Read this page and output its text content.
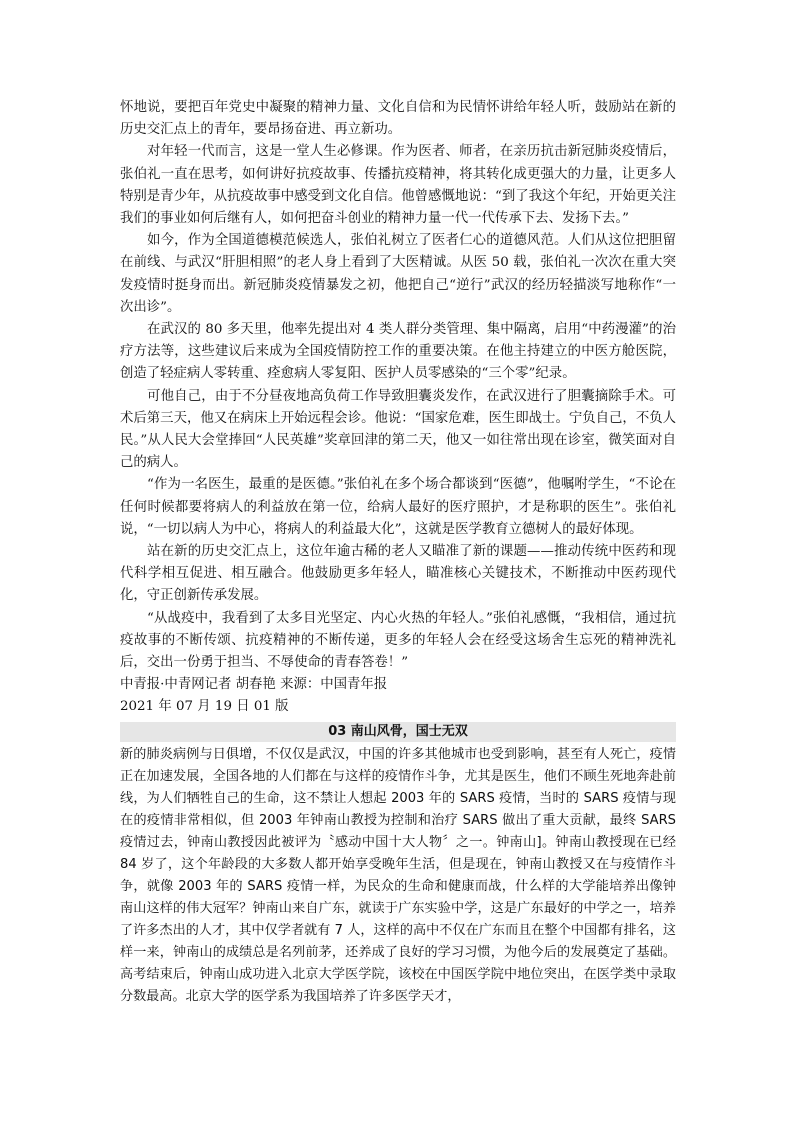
怀地说，要把百年党史中凝聚的精神力量、文化自信和为民情怀讲给年轻人听，鼓励站在新的历史交汇点上的青年，要昂扬奋进、再立新功。

对年轻一代而言，这是一堂人生必修课。作为医者、师者，在亲历抗击新冠肺炎疫情后，张伯礼一直在思考，如何讲好抗疫故事、传播抗疫精神，将其转化成更强大的力量，让更多人特别是青少年，从抗疫故事中感受到文化自信。他曾感慨地说：“到了我这个年纪，开始更关注我们的事业如何后继有人，如何把奋斗创业的精神力量一代一代传承下去、发扬下去。”

如今，作为全国道德模范候选人，张伯礼树立了医者仁心的道德风范。人们从这位把胆留在前线、与武汉“肝胆相照”的老人身上看到了大医精诚。从医 50 载，张伯礼一次次在重大突发疫情时挺身而出。新冠肺炎疫情暴发之初，他把自己“逆行”武汉的经历轻描淡写地称作“一次出诊”。

在武汉的 80 多天里，他率先提出对 4 类人群分类管理、集中隔离，启用“中药漫灌”的治疗方法等，这些建议后来成为全国疫情防控工作的重要决策。在他主持建立的中医方舱医院，创造了轻症病人零转重、痊愈病人零复阳、医护人员零感染的“三个零”纪录。

可他自己，由于不分昼夜地高负荷工作导致胆囊炎发作，在武汉进行了胆囊摘除手术。可术后第三天，他又在病床上开始远程会诊。他说：“国家危难，医生即战士。宁负自己，不负人民。”从人民大会堂捧回“人民英雄”奖章回津的第二天，他又一如往常出现在诊室，微笑面对自己的病人。

“作为一名医生，最重的是医德。”张伯礼在多个场合都谈到“医德”，他嘱咐学生，“不论在任何时候都要将病人的利益放在第一位，给病人最好的医疗照护，才是称职的医生”。张伯礼说，“一切以病人为中心，将病人的利益最大化”，这就是医学教育立德树人的最好体现。

站在新的历史交汇点上，这位年逾古稀的老人又瞄准了新的课题——推动传统中医药和现代科学相互促进、相互融合。他鼓励更多年轻人，瞄准核心关键技术，不断推动中医药现代化，守正创新传承发展。

“从战疫中，我看到了太多目光坚定、内心火热的年轻人。”张伯礼感慨，“我相信，通过抗疫故事的不断传颂、抗疫精神的不断传递，更多的年轻人会在经受这场舍生忘死的精神洗礼后，交出一份勇于担当、不辱使命的青春答卷！”

中青报·中青网记者 胡春艳 来源：中国青年报

2021 年 07 月 19 日 01 版

03 南山风骨，国士无双

新的肺炎病例与日俱增，不仅仅是武汉，中国的许多其他城市也受到影响，甚至有人死亡，疫情正在加速发展，全国各地的人们都在与这样的疫情作斗争，尤其是医生，他们不顾生死地奔赴前线，为人们牺牲自己的生命，这不禁让人想起 2003 年的 SARS 疫情，当时的 SARS 疫情与现在的疫情非常相似，但 2003 年钟南山教授为控制和治疗 SARS 做出了重大贡献，最终 SARS 疫情过去，钟南山教授因此被评为〝感动中国十大人物〞之一。钟南山]。钟南山教授现在已经 84 岁了，这个年龄段的大多数人都开始享受晚年生活，但是现在，钟南山教授又在与疫情作斗争，就像 2003 年的 SARS 疫情一样，为民众的生命和健康而战，什么样的大学能培养出像钟南山这样的伟大冠军？钟南山来自广东，就读于广东实验中学，这是广东最好的中学之一，培养了许多杰出的人才，其中仅学者就有 7 人，这样的高中不仅在广东而且在整个中国都有排名，这样一来，钟南山的成绩总是名列前茅，还养成了良好的学习习惯，为他今后的发展奠定了基础。高考结束后，钟南山成功进入北京大学医学院，该校在中国医学院中地位突出，在医学类中录取分数最高。北京大学的医学系为我国培养了许多医学天才，
